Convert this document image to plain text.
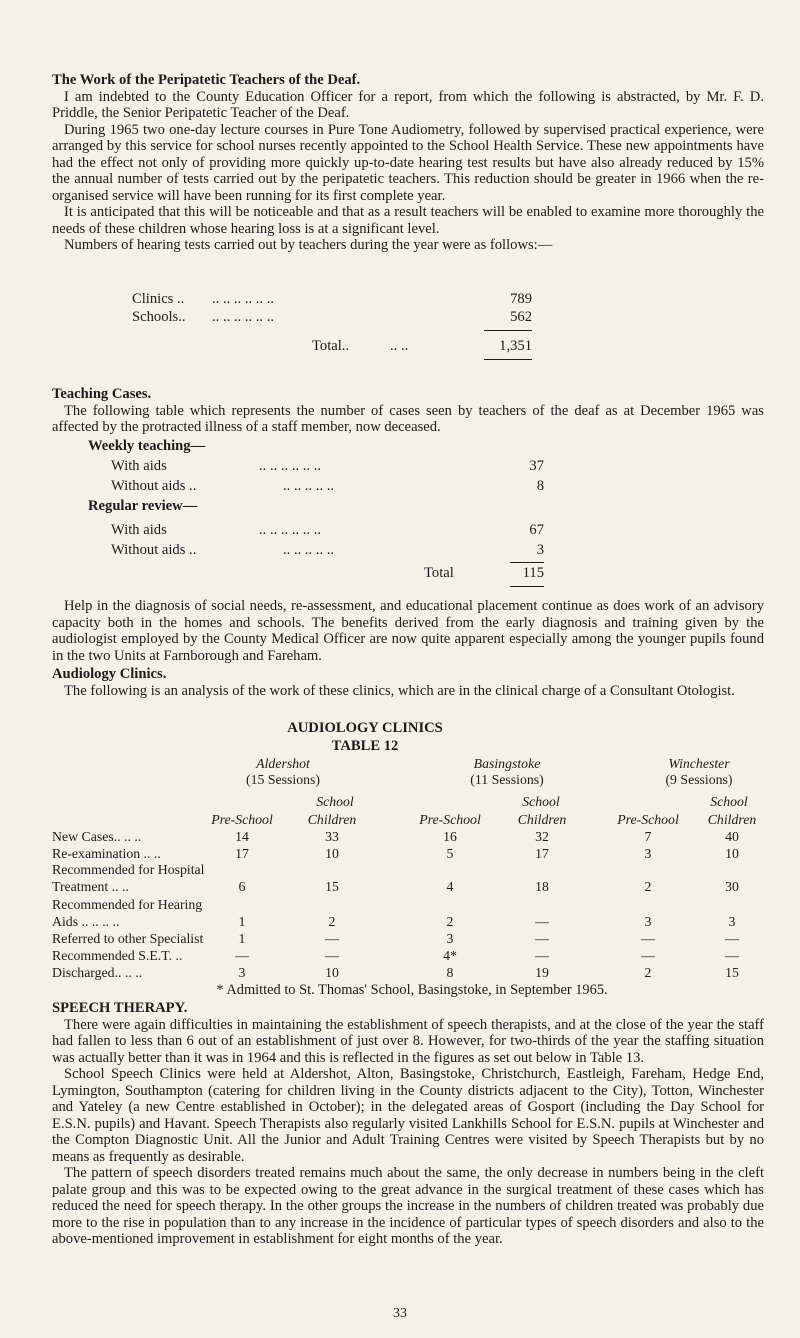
The Work of the Peripatetic Teachers of the Deaf.

I am indebted to the County Education Officer for a report, from which the following is abstracted, by Mr. F. D. Priddle, the Senior Peripatetic Teacher of the Deaf.

During 1965 two one-day lecture courses in Pure Tone Audiometry, followed by supervised practical experience, were arranged by this service for school nurses recently appointed to the School Health Service. These new appointments have had the effect not only of providing more quickly up-to-date hearing test results but have also already reduced by 15% the annual number of tests carried out by the peripatetic teachers. This reduction should be greater in 1966 when the re-organised service will have been running for its first complete year.

It is anticipated that this will be noticeable and that as a result teachers will be enabled to examine more thoroughly the needs of these children whose hearing loss is at a significant level.

Numbers of hearing tests carried out by teachers during the year were as follows:—

Clinics .. .. .. .. .. .. ..	789
Schools.. .. .. .. .. .. ..	562
Total..	.. ..	1,351
Teaching Cases.

The following table which represents the number of cases seen by teachers of the deaf as at December 1965 was affected by the protracted illness of a staff member, now deceased.

Weekly teaching—
With aids	.. .. .. .. .. ..	37
Without aids ..	.. .. .. .. ..	8
Regular review—
With aids	.. .. .. .. .. ..	67
Without aids ..	.. .. .. .. ..	3
Total	115

Help in the diagnosis of social needs, re-assessment, and educational placement continue as does work of an advisory capacity both in the homes and schools. The benefits derived from the early diagnosis and training given by the audiologist employed by the County Medical Officer are now quite apparent especially among the younger pupils found in the two Units at Farnborough and Fareham.

Audiology Clinics.

The following is an analysis of the work of these clinics, which are in the clinical charge of a Consultant Otologist.

AUDIOLOGY CLINICS
TABLE 12
Aldershot
(15 Sessions)
Basingstoke
(11 Sessions)
Winchester
(9 Sessions)
School	School	School
Pre-School	Children	Pre-School	Children	Pre-School	Children
New Cases.. .. ..	14	33	16	32	7	40
Re-examination .. ..	17	10	5	17	3	10
Recommended for Hospital
Treatment .. ..	6	15	4	18	2	30
Recommended for Hearing
Aids .. .. .. ..	1	2	2	—	3	3
Referred to other Specialist	1	—	3	—	—	—
Recommended S.E.T. ..	—	—	4*	—	—	—
Discharged.. .. ..	3	10	8	19	2	15
* Admitted to St. Thomas' School, Basingstoke, in September 1965.
SPEECH THERAPY.

There were again difficulties in maintaining the establishment of speech therapists, and at the close of the year the staff had fallen to less than 6 out of an establishment of just over 8. However, for two-thirds of the year the staffing situation was actually better than it was in 1964 and this is reflected in the figures as set out below in Table 13.

School Speech Clinics were held at Aldershot, Alton, Basingstoke, Christchurch, Eastleigh, Fareham, Hedge End, Lymington, Southampton (catering for children living in the County districts adjacent to the City), Totton, Winchester and Yateley (a new Centre established in October); in the delegated areas of Gosport (including the Day School for E.S.N. pupils) and Havant. Speech Therapists also regularly visited Lankhills School for E.S.N. pupils at Winchester and the Compton Diagnostic Unit. All the Junior and Adult Training Centres were visited by Speech Therapists but by no means as frequently as desirable.

The pattern of speech disorders treated remains much about the same, the only decrease in numbers being in the cleft palate group and this was to be expected owing to the great advance in the surgical treatment of these cases which has reduced the need for speech therapy. In the other groups the increase in the numbers of children treated was probably due more to the rise in population than to any increase in the incidence of particular types of speech disorders and also to the above-mentioned improvement in establishment for eight months of the year.

33
